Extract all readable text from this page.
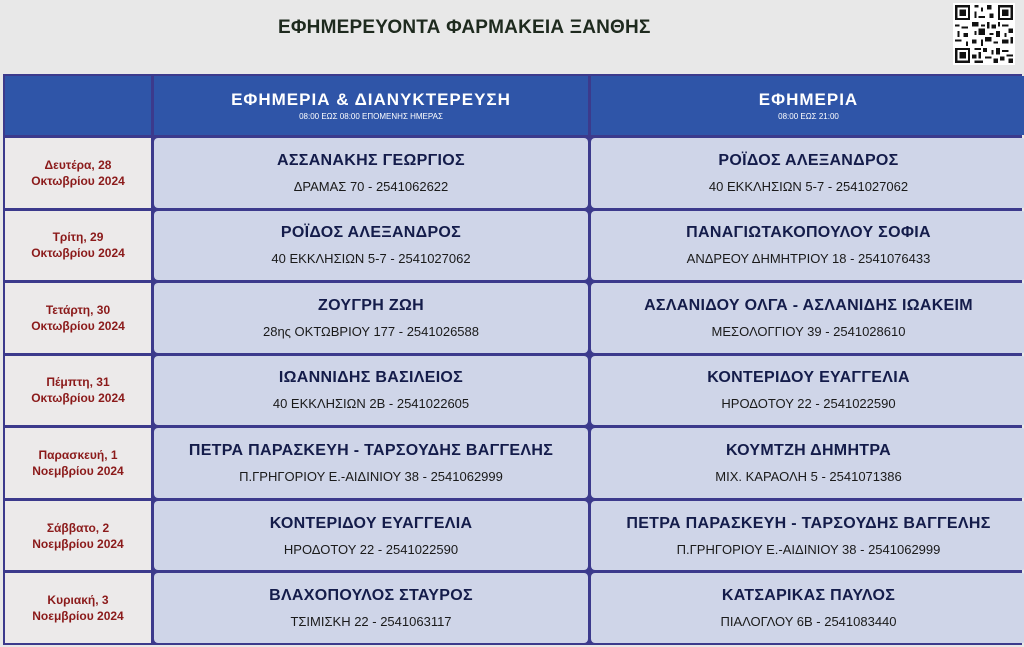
ΕΦΗΜΕΡΕΥΟΝΤΑ ΦΑΡΜΑΚΕΙΑ ΞΑΝΘΗΣ
ΕΦΗΜΕΡΙΑ & ΔΙΑΝΥΚΤΕΡΕΥΣΗ
08:00 ΕΩΣ 08:00 ΕΠΟΜΕΝΗΣ ΗΜΕΡΑΣ
ΕΦΗΜΕΡΙΑ
08:00 ΕΩΣ 21:00
Δευτέρα, 28
Οκτωβρίου 2024
ΑΣΣΑΝΑΚΗΣ ΓΕΩΡΓΙΟΣ
ΔΡΑΜΑΣ 70 - 2541062622
ΡΟΪΔΟΣ ΑΛΕΞΑΝΔΡΟΣ
40 ΕΚΚΛΗΣΙΩΝ 5-7 - 2541027062
Τρίτη, 29
Οκτωβρίου 2024
ΡΟΪΔΟΣ ΑΛΕΞΑΝΔΡΟΣ
40 ΕΚΚΛΗΣΙΩΝ 5-7 - 2541027062
ΠΑΝΑΓΙΩΤΑΚΟΠΟΥΛΟΥ ΣΟΦΙΑ
ΑΝΔΡΕΟΥ ΔΗΜΗΤΡΙΟΥ 18 - 2541076433
Τετάρτη, 30
Οκτωβρίου 2024
ΖΟΥΓΡΗ ΖΩΗ
28ης ΟΚΤΩΒΡΙΟΥ 177 - 2541026588
ΑΣΛΑΝΙΔΟΥ ΟΛΓΑ - ΑΣΛΑΝΙΔΗΣ ΙΩΑΚΕΙΜ
ΜΕΣΟΛΟΓΓΙΟΥ 39 - 2541028610
Πέμπτη, 31
Οκτωβρίου 2024
ΙΩΑΝΝΙΔΗΣ ΒΑΣΙΛΕΙΟΣ
40 ΕΚΚΛΗΣΙΩΝ 2Β - 2541022605
ΚΟΝΤΕΡΙΔΟΥ ΕΥΑΓΓΕΛΙΑ
ΗΡΟΔΟΤΟΥ 22 - 2541022590
Παρασκευή, 1
Νοεμβρίου 2024
ΠΕΤΡΑ ΠΑΡΑΣΚΕΥΗ - ΤΑΡΣΟΥΔΗΣ ΒΑΓΓΕΛΗΣ
Π.ΓΡΗΓΟΡΙΟΥ Ε.-ΑΙΔΙΝΙΟΥ 38 - 2541062999
ΚΟΥΜΤΖΗ ΔΗΜΗΤΡΑ
ΜΙΧ. ΚΑΡΑΟΛΗ 5 - 2541071386
Σάββατο, 2
Νοεμβρίου 2024
ΚΟΝΤΕΡΙΔΟΥ ΕΥΑΓΓΕΛΙΑ
ΗΡΟΔΟΤΟΥ 22 - 2541022590
ΠΕΤΡΑ ΠΑΡΑΣΚΕΥΗ - ΤΑΡΣΟΥΔΗΣ ΒΑΓΓΕΛΗΣ
Π.ΓΡΗΓΟΡΙΟΥ Ε.-ΑΙΔΙΝΙΟΥ 38 - 2541062999
Κυριακή, 3
Νοεμβρίου 2024
ΒΛΑΧΟΠΟΥΛΟΣ ΣΤΑΥΡΟΣ
ΤΣΙΜΙΣΚΗ 22 - 2541063117
ΚΑΤΣΑΡΙΚΑΣ ΠΑΥΛΟΣ
ΠΙΑΛΟΓΛΟΥ 6Β - 2541083440
